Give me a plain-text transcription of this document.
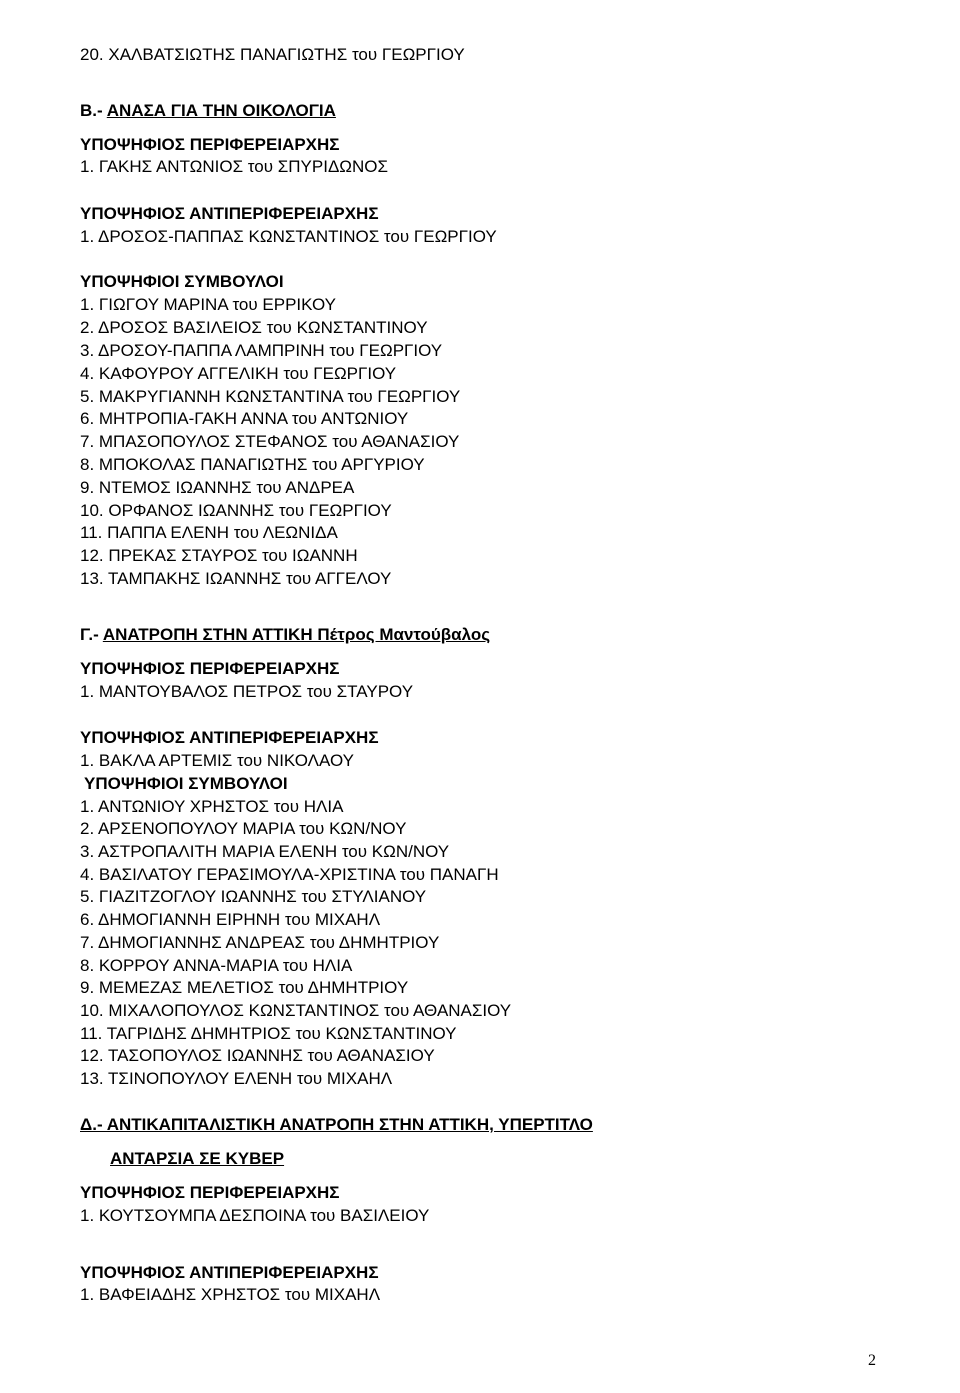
20. ΧΑΛΒΑΤΣΙΩΤΗΣ ΠΑΝΑΓΙΩΤΗΣ του ΓΕΩΡΓΙΟΥ
Β.- ΑΝΑΣΑ ΓΙΑ ΤΗΝ ΟΙΚΟΛΟΓΙΑ
ΥΠΟΨΗΦΙΟΣ ΠΕΡΙΦΕΡΕΙΑΡΧΗΣ
1. ΓΑΚΗΣ ΑΝΤΩΝΙΟΣ του ΣΠΥΡΙΔΩΝΟΣ
ΥΠΟΨΗΦΙΟΣ ΑΝΤΙΠΕΡΙΦΕΡΕΙΑΡΧΗΣ
1. ΔΡΟΣΟΣ-ΠΑΠΠΑΣ ΚΩΝΣΤΑΝΤΙΝΟΣ του ΓΕΩΡΓΙΟΥ
ΥΠΟΨΗΦΙΟΙ ΣΥΜΒΟΥΛΟΙ
1. ΓΙΩΓΟΥ ΜΑΡΙΝΑ του ΕΡΡΙΚΟΥ
2. ΔΡΟΣΟΣ ΒΑΣΙΛΕΙΟΣ του ΚΩΝΣΤΑΝΤΙΝΟΥ
3. ΔΡΟΣΟΥ-ΠΑΠΠΑ ΛΑΜΠΡΙΝΗ του ΓΕΩΡΓΙΟΥ
4. ΚΑΦΟΥΡΟΥ ΑΓΓΕΛΙΚΗ του ΓΕΩΡΓΙΟΥ
5. ΜΑΚΡΥΓΙΑΝΝΗ ΚΩΝΣΤΑΝΤΙΝΑ του ΓΕΩΡΓΙΟΥ
6. ΜΗΤΡΟΠΙΑ-ΓΑΚΗ ΑΝΝΑ του ΑΝΤΩΝΙΟΥ
7. ΜΠΑΣΟΠΟΥΛΟΣ ΣΤΕΦΑΝΟΣ του ΑΘΑΝΑΣΙΟΥ
8. ΜΠΟΚΟΛΑΣ ΠΑΝΑΓΙΩΤΗΣ του ΑΡΓΥΡΙΟΥ
9. ΝΤΕΜΟΣ ΙΩΑΝΝΗΣ του ΑΝΔΡΕΑ
10. ΟΡΦΑΝΟΣ ΙΩΑΝΝΗΣ του ΓΕΩΡΓΙΟΥ
11. ΠΑΠΠΑ ΕΛΕΝΗ του ΛΕΩΝΙΔΑ
12. ΠΡΕΚΑΣ ΣΤΑΥΡΟΣ του ΙΩΑΝΝΗ
13. ΤΑΜΠΑΚΗΣ ΙΩΑΝΝΗΣ του ΑΓΓΕΛΟΥ
Γ.- ΑΝΑΤΡΟΠΗ ΣΤΗΝ ΑΤΤΙΚΗ Πέτρος Μαντούβαλος
ΥΠΟΨΗΦΙΟΣ ΠΕΡΙΦΕΡΕΙΑΡΧΗΣ
1. ΜΑΝΤΟΥΒΑΛΟΣ ΠΕΤΡΟΣ του ΣΤΑΥΡΟΥ
ΥΠΟΨΗΦΙΟΣ ΑΝΤΙΠΕΡΙΦΕΡΕΙΑΡΧΗΣ
1. ΒΑΚΛΑ ΑΡΤΕΜΙΣ του ΝΙΚΟΛΑΟΥ
ΥΠΟΨΗΦΙΟΙ ΣΥΜΒΟΥΛΟΙ
1. ΑΝΤΩΝΙΟΥ ΧΡΗΣΤΟΣ του ΗΛΙΑ
2. ΑΡΣΕΝΟΠΟΥΛΟΥ ΜΑΡΙΑ του ΚΩΝ/ΝΟΥ
3. ΑΣΤΡΟΠΑΛΙΤΗ ΜΑΡΙΑ ΕΛΕΝΗ του ΚΩΝ/ΝΟΥ
4. ΒΑΣΙΛΑΤΟΥ ΓΕΡΑΣΙΜΟΥΛΑ-ΧΡΙΣΤΙΝΑ του ΠΑΝΑΓΗ
5. ΓΙΑΖΙΤΖΟΓΛΟΥ ΙΩΑΝΝΗΣ του ΣΤΥΛΙΑΝΟΥ
6. ΔΗΜΟΓΙΑΝΝΗ ΕΙΡΗΝΗ του ΜΙΧΑΗΛ
7. ΔΗΜΟΓΙΑΝΝΗΣ ΑΝΔΡΕΑΣ του ΔΗΜΗΤΡΙΟΥ
8. ΚΟΡΡΟΥ ΑΝΝΑ-ΜΑΡΙΑ του ΗΛΙΑ
9. ΜΕΜΕΖΑΣ ΜΕΛΕΤΙΟΣ του ΔΗΜΗΤΡΙΟΥ
10. ΜΙΧΑΛΟΠΟΥΛΟΣ ΚΩΝΣΤΑΝΤΙΝΟΣ του ΑΘΑΝΑΣΙΟΥ
11. ΤΑΓΡΙΔΗΣ ΔΗΜΗΤΡΙΟΣ του ΚΩΝΣΤΑΝΤΙΝΟΥ
12. ΤΑΣΟΠΟΥΛΟΣ ΙΩΑΝΝΗΣ του ΑΘΑΝΑΣΙΟΥ
13. ΤΣΙΝΟΠΟΥΛΟΥ ΕΛΕΝΗ του ΜΙΧΑΗΛ
Δ.- ΑΝΤΙΚΑΠΙΤΑΛΙΣΤΙΚΗ ΑΝΑΤΡΟΠΗ ΣΤΗΝ ΑΤΤΙΚΗ, ΥΠΕΡΤΙΤΛΟ
ΑΝΤΑΡΣΙΑ ΣΕ ΚΥΒΕΡ
ΥΠΟΨΗΦΙΟΣ ΠΕΡΙΦΕΡΕΙΑΡΧΗΣ
1. ΚΟΥΤΣΟΥΜΠΑ ΔΕΣΠΟΙΝΑ του ΒΑΣΙΛΕΙΟΥ
ΥΠΟΨΗΦΙΟΣ ΑΝΤΙΠΕΡΙΦΕΡΕΙΑΡΧΗΣ
1. ΒΑΦΕΙΑΔΗΣ ΧΡΗΣΤΟΣ του ΜΙΧΑΗΛ
2
